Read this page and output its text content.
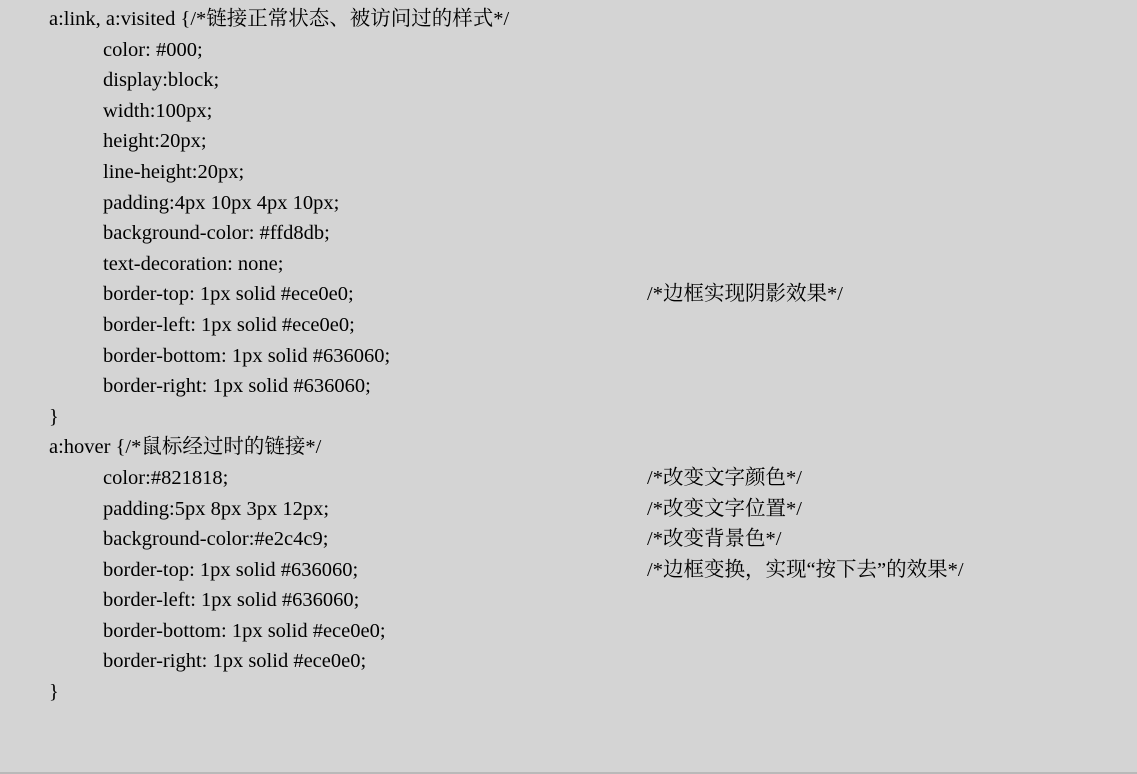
a:link, a:visited {/*链接正常状态、被访问过的样式*/
color: #000;
display:block;
width:100px;
height:20px;
line-height:20px;
padding:4px 10px 4px 10px;
background-color: #ffd8db;
text-decoration: none;
border-top: 1px solid #ece0e0;	/*边框实现阴影效果*/
border-left: 1px solid #ece0e0;
border-bottom: 1px solid #636060;
border-right: 1px solid #636060;
}
a:hover {/*鼠标经过时的链接*/
color:#821818;	/*改变文字颜色*/
padding:5px 8px 3px 12px;	/*改变文字位置*/
background-color:#e2c4c9;	/*改变背景色*/
border-top: 1px solid #636060;	/*边框变换，实现“按下去”的效果*/
border-left: 1px solid #636060;
border-bottom: 1px solid #ece0e0;
border-right: 1px solid #ece0e0;
}
